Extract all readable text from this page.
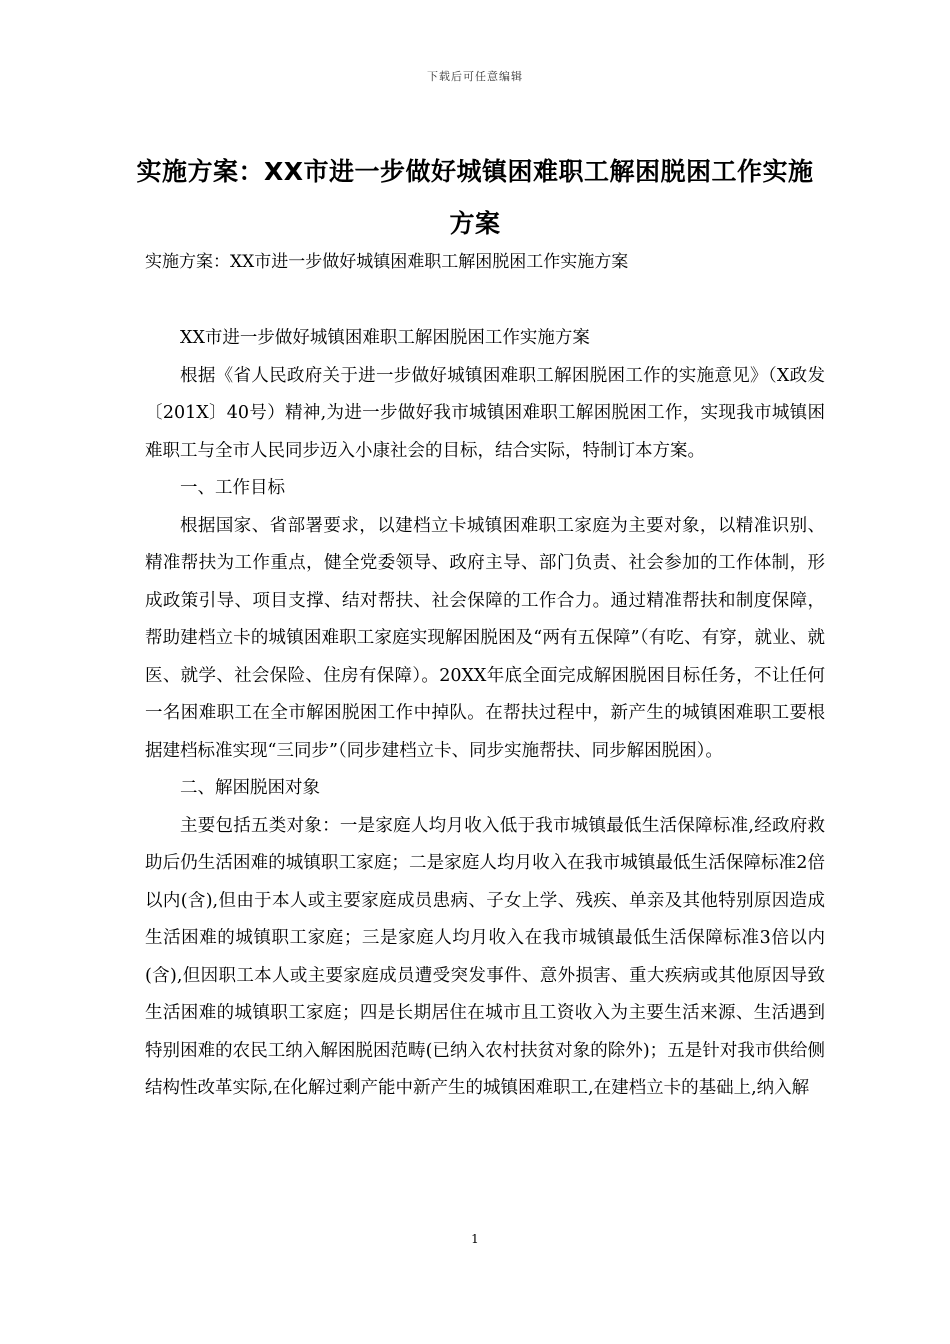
下载后可任意编辑
实施方案：XX市进一步做好城镇困难职工解困脱困工作实施方案
实施方案：XX市进一步做好城镇困难职工解困脱困工作实施方案

XX市进一步做好城镇困难职工解困脱困工作实施方案

根据《省人民政府关于进一步做好城镇困难职工解困脱困工作的实施意见》（X政发〔201X〕40号）精神,为进一步做好我市城镇困难职工解困脱困工作，实现我市城镇困难职工与全市人民同步迈入小康社会的目标，结合实际，特制订本方案。

一、工作目标

根据国家、省部署要求，以建档立卡城镇困难职工家庭为主要对象，以精准识别、精准帮扶为工作重点，健全党委领导、政府主导、部门负责、社会参加的工作体制，形成政策引导、项目支撑、结对帮扶、社会保障的工作合力。通过精准帮扶和制度保障，帮助建档立卡的城镇困难职工家庭实现解困脱困及“两有五保障”（有吃、有穿，就业、就医、就学、社会保险、住房有保障）。20XX年底全面完成解困脱困目标任务，不让任何一名困难职工在全市解困脱困工作中掉队。在帮扶过程中，新产生的城镇困难职工要根据建档标准实现“三同步”（同步建档立卡、同步实施帮扶、同步解困脱困）。

二、解困脱困对象

主要包括五类对象：一是家庭人均月收入低于我市城镇最低生活保障标准,经政府救助后仍生活困难的城镇职工家庭；二是家庭人均月收入在我市城镇最低生活保障标准2倍以内(含),但由于本人或主要家庭成员患病、子女上学、残疾、单亲及其他特别原因造成生活困难的城镇职工家庭；三是家庭人均月收入在我市城镇最低生活保障标准3倍以内(含),但因职工本人或主要家庭成员遭受突发事件、意外损害、重大疾病或其他原因导致生活困难的城镇职工家庭；四是长期居住在城市且工资收入为主要生活来源、生活遇到特别困难的农民工纳入解困脱困范畴(已纳入农村扶贫对象的除外)；五是针对我市供给侧结构性改革实际,在化解过剩产能中新产生的城镇困难职工,在建档立卡的基础上,纳入解

1
